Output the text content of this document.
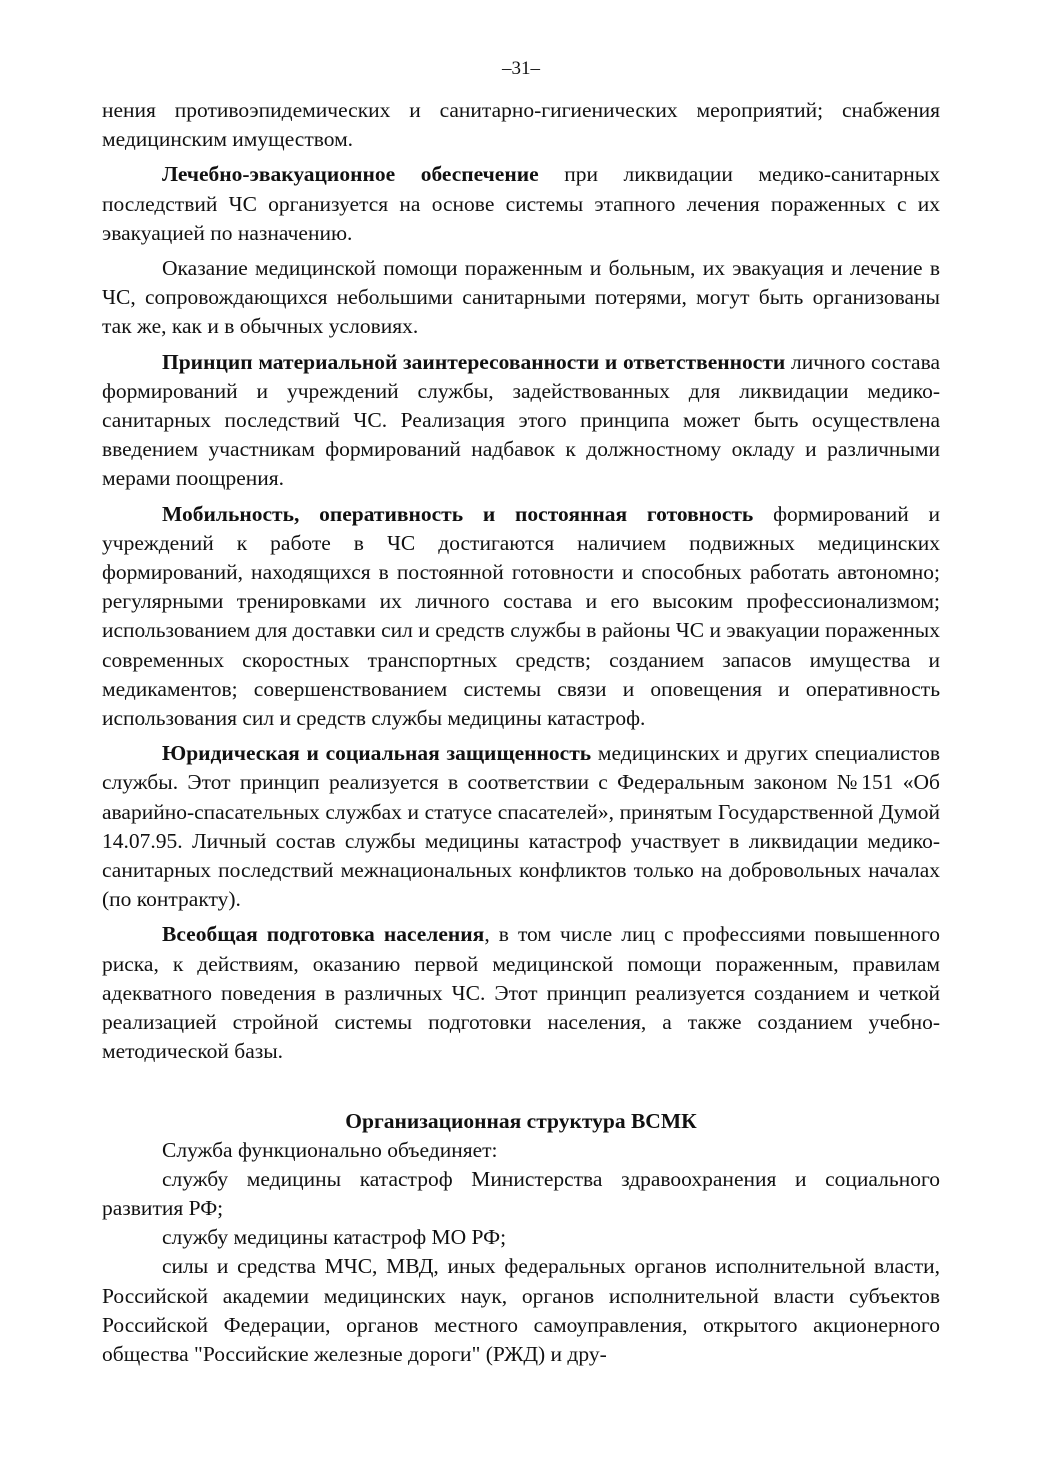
–31–

нения противоэпидемических и санитарно-гигиенических мероприятий; снабжения медицинским имуществом.

Лечебно-эвакуационное обеспечение при ликвидации медико-санитарных последствий ЧС организуется на основе системы этапного лечения пораженных с их эвакуацией по назначению.

Оказание медицинской помощи пораженным и больным, их эвакуация и лечение в ЧС, сопровождающихся небольшими санитарными потерями, могут быть организованы так же, как и в обычных условиях.

Принцип материальной заинтересованности и ответственности личного состава формирований и учреждений службы, задействованных для ликвидации медико-санитарных последствий ЧС. Реализация этого принципа может быть осуществлена введением участникам формирований надбавок к должностному окладу и различными мерами поощрения.

Мобильность, оперативность и постоянная готовность формирований и учреждений к работе в ЧС достигаются наличием подвижных медицинских формирований, находящихся в постоянной готовности и способных работать автономно; регулярными тренировками их личного состава и его высоким профессионализмом; использованием для доставки сил и средств службы в районы ЧС и эвакуации пораженных современных скоростных транспортных средств; созданием запасов имущества и медикаментов; совершенствованием системы связи и оповещения и оперативность использования сил и средств службы медицины катастроф.

Юридическая и социальная защищенность медицинских и других специалистов службы. Этот принцип реализуется в соответствии с Федеральным законом №151 «Об аварийно-спасательных службах и статусе спасателей», принятым Государственной Думой 14.07.95. Личный состав службы медицины катастроф участвует в ликвидации медико-санитарных последствий межнациональных конфликтов только на добровольных началах (по контракту).

Всеобщая подготовка населения, в том числе лиц с профессиями повышенного риска, к действиям, оказанию первой медицинской помощи пораженным, правилам адекватного поведения в различных ЧС. Этот принцип реализуется созданием и четкой реализацией стройной системы подготовки населения, а также созданием учебно-методической базы.

Организационная структура ВСМК

Служба функционально объединяет:

службу медицины катастроф Министерства здравоохранения и социального развития РФ;

службу медицины катастроф МО РФ;

силы и средства МЧС, МВД, иных федеральных органов исполнительной власти, Российской академии медицинских наук, органов исполнительной власти субъектов Российской Федерации, органов местного самоуправления, открытого акционерного общества "Российские железные дороги" (РЖД) и дру-
